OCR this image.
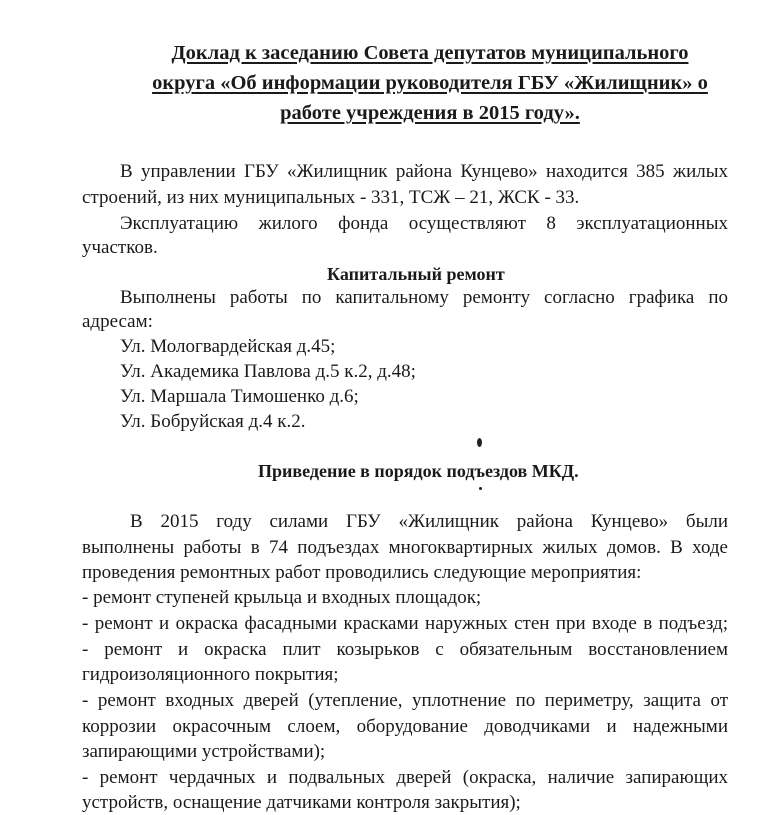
Доклад к заседанию Совета депутатов муниципального
округа «Об информации руководителя ГБУ «Жилищник» о
работе учреждения в 2015 году».
В управлении ГБУ «Жилищник района Кунцево» находится 385 жилых
строений, из них муниципальных - 331, ТСЖ – 21, ЖСК - 33.
Эксплуатацию жилого фонда осуществляют 8 эксплуатационных
участков.
Капитальный ремонт
Выполнены работы по капитальному ремонту согласно графика по
адресам:
Ул. Мологвардейская д.45;
Ул. Академика Павлова д.5 к.2, д.48;
Ул. Маршала Тимошенко д.6;
Ул. Бобруйская д.4 к.2.
Приведение в порядок подъездов МКД.
В 2015 году силами ГБУ «Жилищник района Кунцево» были
выполнены работы в 74 подъездах многоквартирных жилых домов. В ходе
проведения ремонтных работ проводились следующие мероприятия:
- ремонт ступеней крыльца и входных площадок;
- ремонт и окраска фасадными красками наружных стен при входе в подъезд;
- ремонт и окраска плит козырьков с обязательным восстановлением
гидроизоляционного покрытия;
- ремонт входных дверей (утепление, уплотнение по периметру, защита от
коррозии окрасочным слоем, оборудование доводчиками и надежными
запирающими устройствами);
- ремонт чердачных и подвальных дверей (окраска, наличие запирающих
устройств, оснащение датчиками контроля закрытия);
